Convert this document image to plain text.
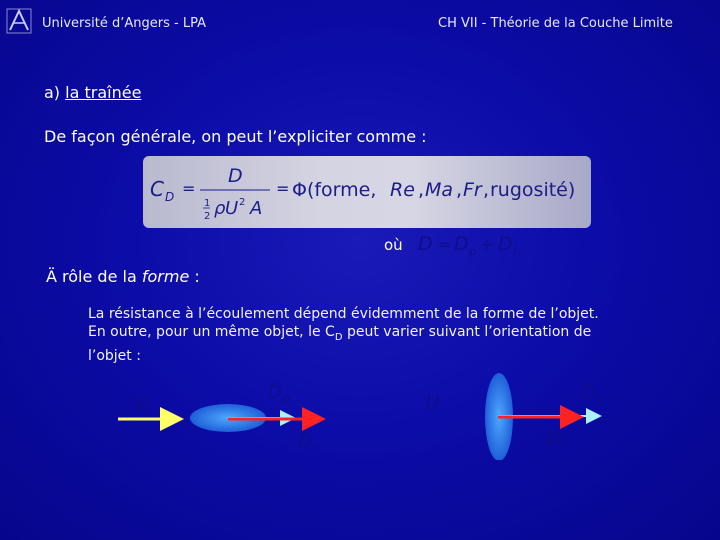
Université d’Angers - LPA	CH VII - Théorie de la Couche Limite
a) la traînée
De façon générale, on peut l’expliciter comme :
C D =
D
1
2 ρ U 2 A
= Φ(forme, Re , Ma , Fr , rugosité)
où D = D p + D f
Ä rôle de la forme :
La résistance à l’écoulement dépend évidemment de la forme de l’objet.
En outre, pour un même objet, le $C_D$ peut varier suivant l’orientation de
l’objet :
U
D p
D f
U
D p
D f
